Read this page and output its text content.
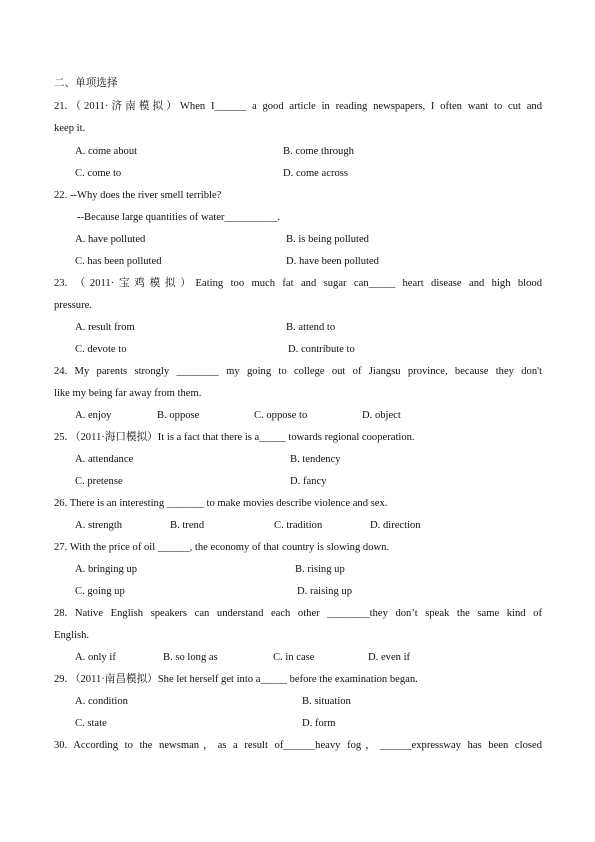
二、单项选择
21.（2011·济南模拟）When I______ a good article in reading newspapers, I often want to cut and
keep it.
A. come about	B. come through
C. come to	D. come across
22. --Why does the river smell terrible?
--Because large quantities of water__________.
A. have polluted	B. is being polluted
C. has been polluted	D. have been polluted
23. （2011·宝鸡模拟）Eating too much fat and sugar can_____ heart disease and high blood
pressure.
A. result from	B. attend to
C. devote to	D. contribute to
24. My parents strongly ________ my going to college out of Jiangsu province, because they don't
like my being far away from them.
A. enjoy	B. oppose	C. oppose to	D. object
25. （2011·海口模拟）It is a fact that there is a_____ towards regional cooperation.
A. attendance	B. tendency
C. pretense	D. fancy
26. There is an interesting _______ to make movies describe violence and sex.
A. strength	B. trend	C. tradition	D. direction
27. With the price of oil ______, the economy of that country is slowing down.
A. bringing up	B. rising up
C. going up	D. raising up
28. Native English speakers can understand each other ________they don’t speak the same kind of
English.
A. only if	B. so long as	C. in case	D. even if
29. （2011·南昌模拟）She let herself get into a_____ before the examination began.
A. condition	B. situation
C. state	D. form
30. According to the newsman，as a result of______heavy fog，______expressway has been closed
